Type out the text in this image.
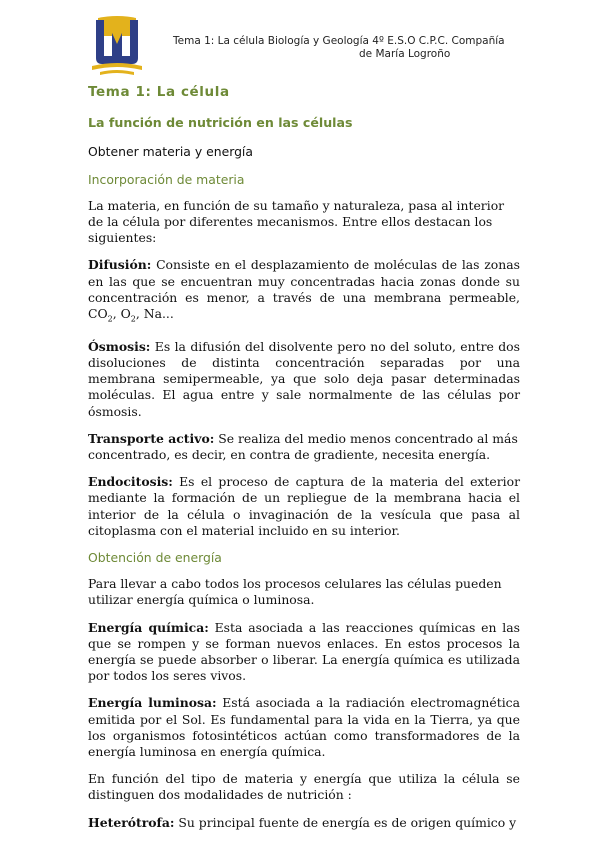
Tema 1: La célula Biología y Geología 4º E.S.O C.P.C. Compañía

de María Logroño
Tema 1: La célula
La función de nutrición en las células
Obtener materia y energía
Incorporación de materia

La materia, en función de su tamaño y naturaleza, pasa al interior de la célula por diferentes mecanismos. Entre ellos destacan los siguientes:

Difusión: Consiste en el desplazamiento de moléculas de las zonas en las que se encuentran muy concentradas hacia zonas donde su concentración es menor, a través de una membrana permeable, $CO_2$, $O_2$, Na...

Ósmosis: Es la difusión del disolvente pero no del soluto, entre dos disoluciones de distinta concentración separadas por una membrana semipermeable, ya que solo deja pasar determinadas moléculas. El agua entre y sale normalmente de las células por ósmosis.

Transporte activo: Se realiza del medio menos concentrado al más concentrado, es decir, en contra de gradiente, necesita energía.

Endocitosis: Es el proceso de captura de la materia del exterior mediante la formación de un repliegue de la membrana hacia el interior de la célula o invaginación de la vesícula que pasa al citoplasma con el material incluido en su interior.

Obtención de energía

Para llevar a cabo todos los procesos celulares las células pueden utilizar energía química o luminosa.

Energía química: Esta asociada a las reacciones químicas en las que se rompen y se forman nuevos enlaces. En estos procesos la energía se puede absorber o liberar. La energía química es utilizada por todos los seres vivos.

Energía luminosa: Está asociada a la radiación electromagnética emitida por el Sol. Es fundamental para la vida en la Tierra, ya que los organismos fotosintéticos actúan como transformadores de la energía luminosa en energía química.

En función del tipo de materia y energía que utiliza la célula se distinguen dos modalidades de nutrición :

Heterótrofa: Su principal fuente de energía es de origen químico y
